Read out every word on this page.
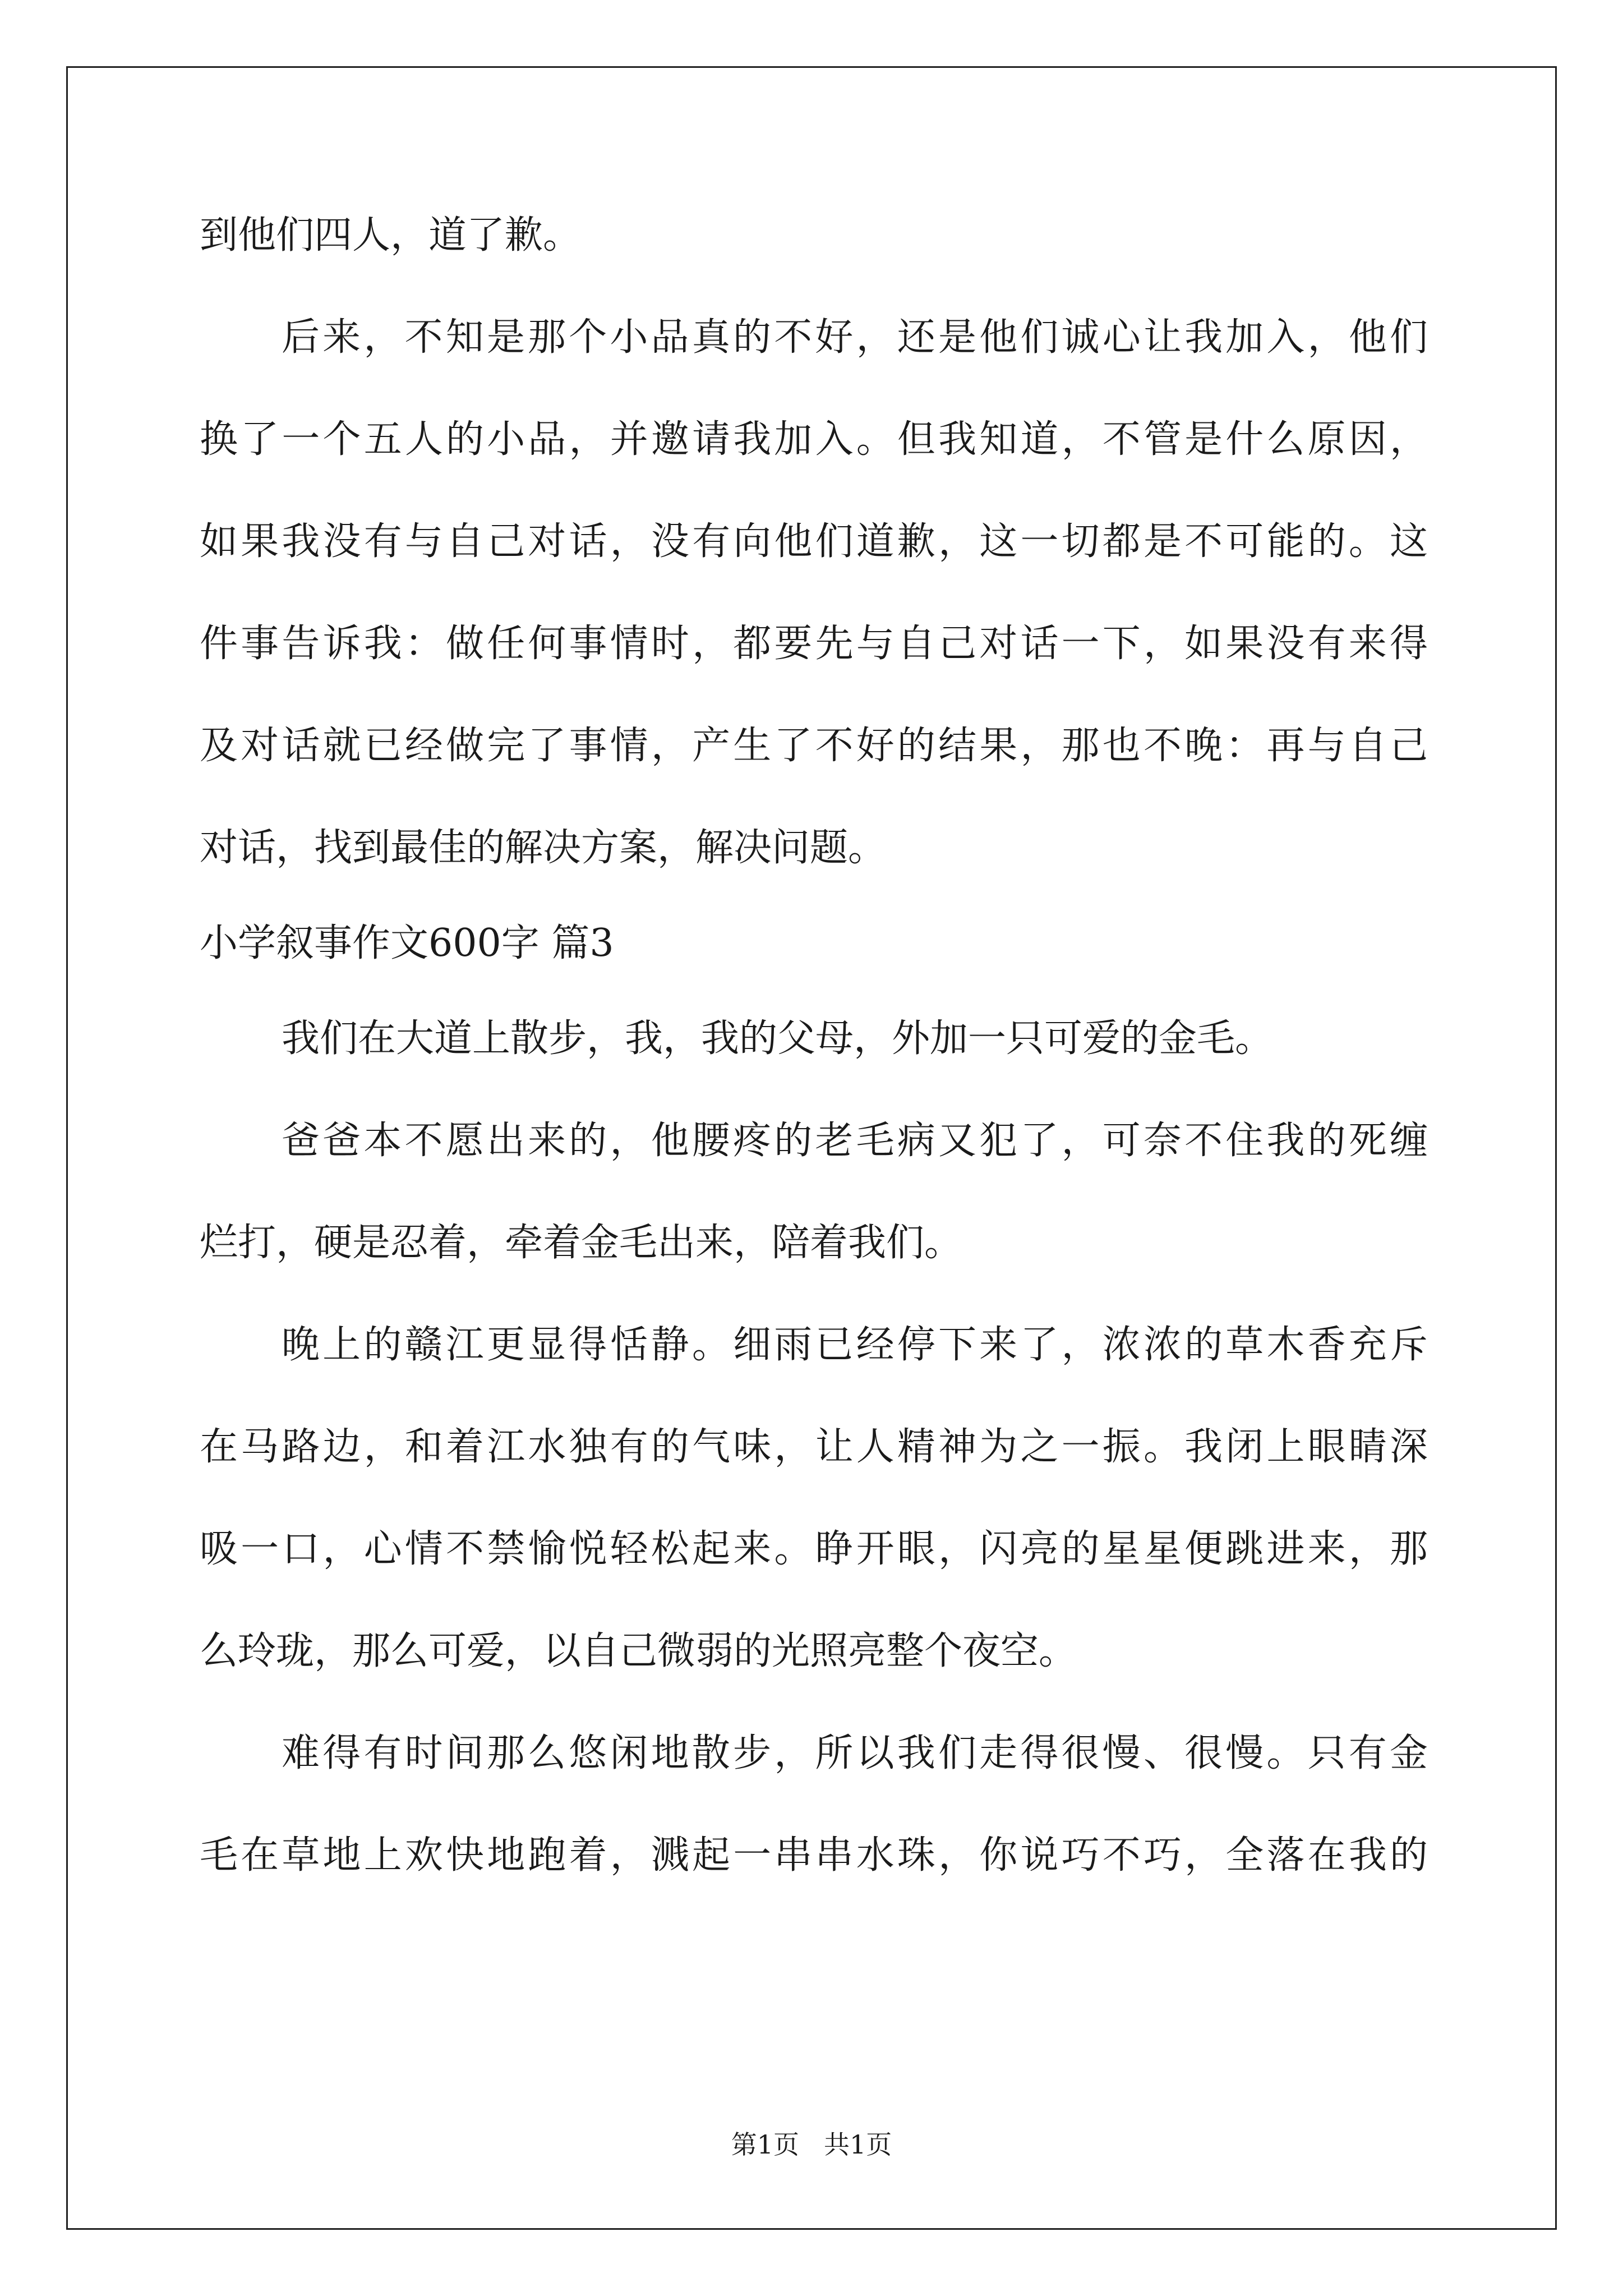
到他们四人，道了歉。
后来，不知是那个小品真的不好，还是他们诚心让我加入，他们
换了一个五人的小品，并邀请我加入。但我知道，不管是什么原因，
如果我没有与自己对话，没有向他们道歉，这一切都是不可能的。这
件事告诉我：做任何事情时，都要先与自己对话一下，如果没有来得
及对话就已经做完了事情，产生了不好的结果，那也不晚：再与自己
对话，找到最佳的解决方案，解决问题。
小学叙事作文600字 篇3
我们在大道上散步，我，我的父母，外加一只可爱的金毛。
爸爸本不愿出来的，他腰疼的老毛病又犯了，可奈不住我的死缠
烂打，硬是忍着，牵着金毛出来，陪着我们。
晚上的赣江更显得恬静。细雨已经停下来了，浓浓的草木香充斥
在马路边，和着江水独有的气味，让人精神为之一振。我闭上眼睛深
吸一口，心情不禁愉悦轻松起来。睁开眼，闪亮的星星便跳进来，那
么玲珑，那么可爱，以自己微弱的光照亮整个夜空。
难得有时间那么悠闲地散步，所以我们走得很慢、很慢。只有金
毛在草地上欢快地跑着，溅起一串串水珠，你说巧不巧，全落在我的
第1页 共1页
